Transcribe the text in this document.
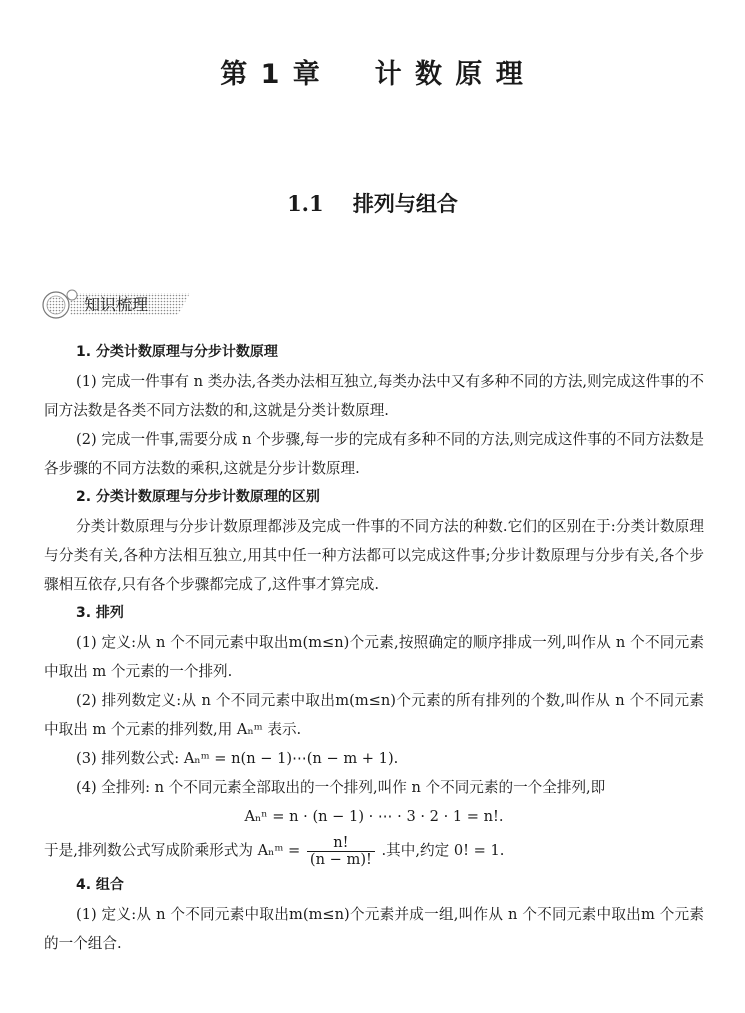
第 1 章 计 数 原 理
1.1 排列与组合
知识梳理

1. 分类计数原理与分步计数原理

(1) 完成一件事有 n 类办法,各类办法相互独立,每类办法中又有多种不同的方法,则完成这件事的不同方法数是各类不同方法数的和,这就是分类计数原理.

(2) 完成一件事,需要分成 n 个步骤,每一步的完成有多种不同的方法,则完成这件事的不同方法数是各步骤的不同方法数的乘积,这就是分步计数原理.

2. 分类计数原理与分步计数原理的区别

分类计数原理与分步计数原理都涉及完成一件事的不同方法的种数.它们的区别在于:分类计数原理与分类有关,各种方法相互独立,用其中任一种方法都可以完成这件事;分步计数原理与分步有关,各个步骤相互依存,只有各个步骤都完成了,这件事才算完成.

3. 排列

(1) 定义:从 n 个不同元素中取出m(m≤n)个元素,按照确定的顺序排成一列,叫作从 n 个不同元素中取出 m 个元素的一个排列.

(2) 排列数定义:从 n 个不同元素中取出m(m≤n)个元素的所有排列的个数,叫作从 n 个不同元素中取出 m 个元素的排列数,用 Aₙᵐ 表示.

(3) 排列数公式: Aₙᵐ = n(n − 1)⋯(n − m + 1).

(4) 全排列: n 个不同元素全部取出的一个排列,叫作 n 个不同元素的一个全排列,即

Aₙⁿ = n · (n − 1) · ⋯ · 3 · 2 · 1 = n!.

于是,排列数公式写成阶乘形式为 Aₙᵐ = $\frac{n!}{(n - m)!}$ .其中,约定 0! = 1.

4. 组合

(1) 定义:从 n 个不同元素中取出m(m≤n)个元素并成一组,叫作从 n 个不同元素中取出m 个元素的一个组合.
